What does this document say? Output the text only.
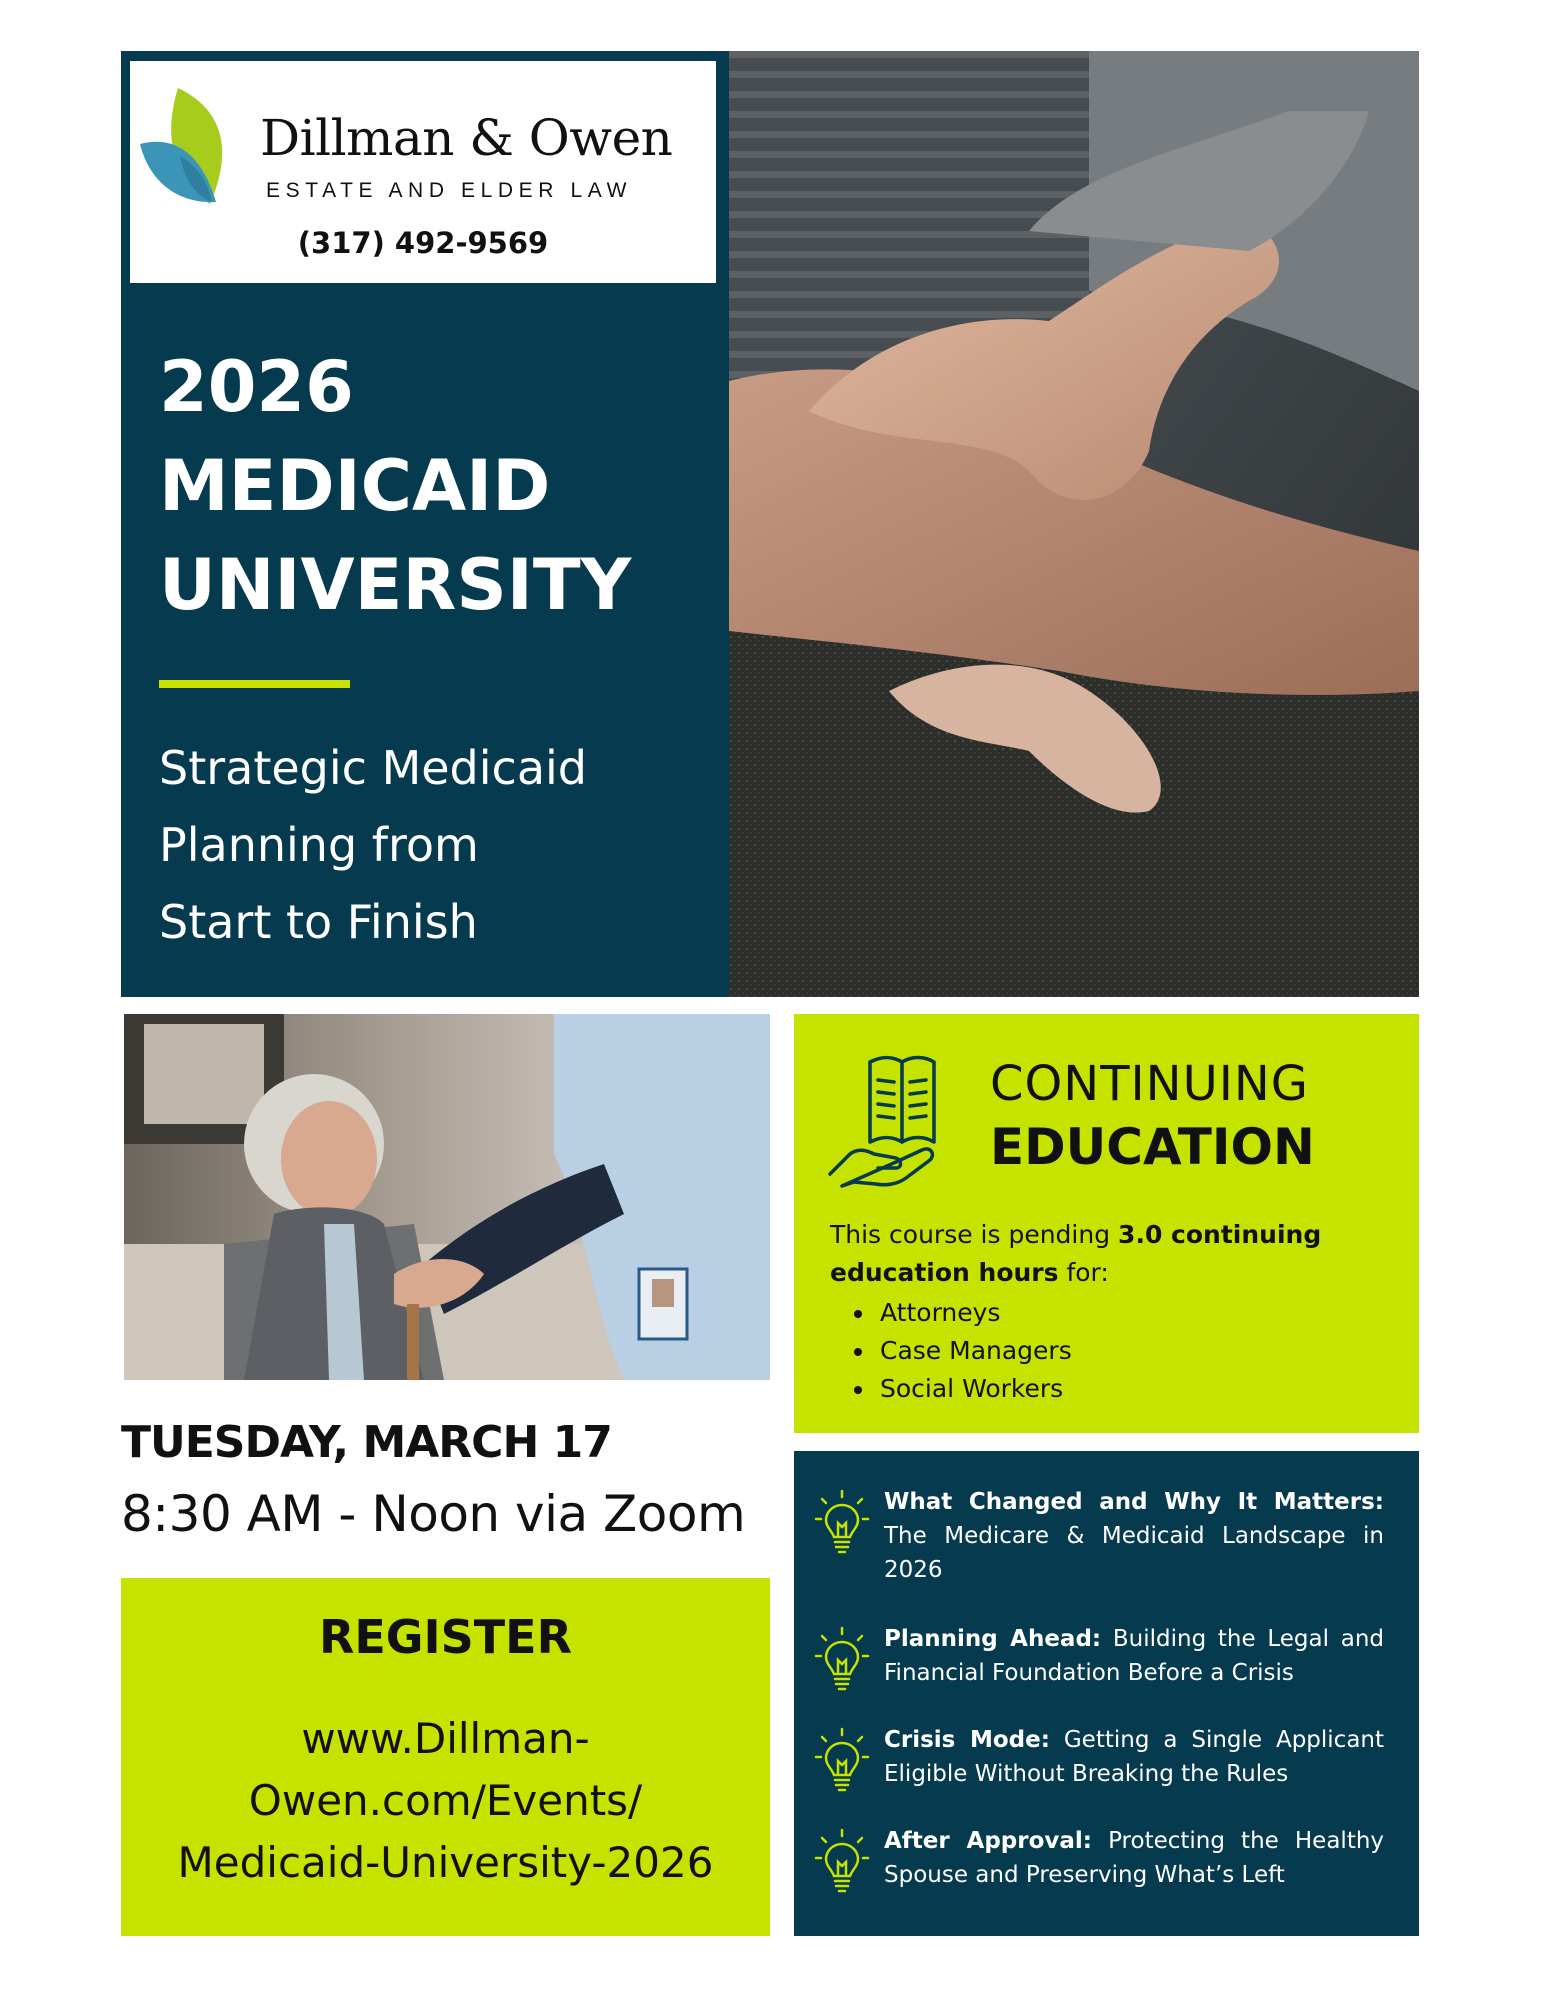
Dillman & Owen
ESTATE AND ELDER LAW
(317) 492-9569
2026
MEDICAID
UNIVERSITY
Strategic Medicaid
Planning from
Start to Finish
TUESDAY, MARCH 17
8:30 AM - Noon via Zoom
REGISTER
www.Dillman-
Owen.com/Events/
Medicaid-University-2026
CONTINUING
EDUCATION
This course is pending 3.0 continuing education hours for:
• Attorneys
• Case Managers
• Social Workers
What Changed and Why It Matters: The Medicare & Medicaid Landscape in 2026
Planning Ahead: Building the Legal and Financial Foundation Before a Crisis
Crisis Mode: Getting a Single Applicant Eligible Without Breaking the Rules
After Approval: Protecting the Healthy Spouse and Preserving What’s Left
